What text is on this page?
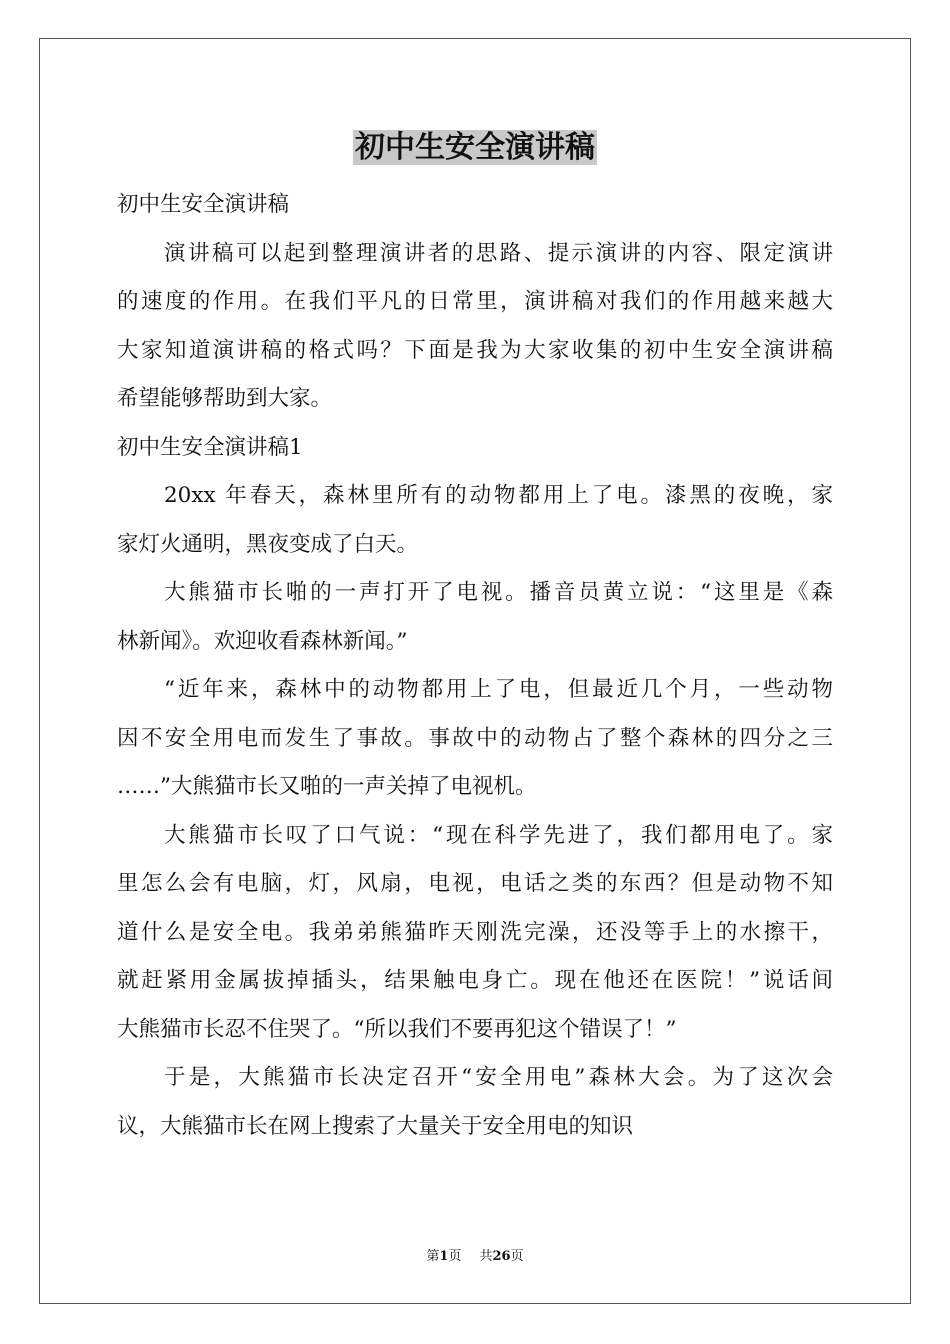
初中生安全演讲稿
初中生安全演讲稿
演讲稿可以起到整理演讲者的思路、提示演讲的内容、限定演讲
的速度的作用。在我们平凡的日常里，演讲稿对我们的作用越来越大
大家知道演讲稿的格式吗？下面是我为大家收集的初中生安全演讲稿
希望能够帮助到大家。
初中生安全演讲稿1
20xx 年春天，森林里所有的动物都用上了电。漆黑的夜晚，家
家灯火通明，黑夜变成了白天。
大熊猫市长啪的一声打开了电视。播音员黄立说：“这里是《森
林新闻》。欢迎收看森林新闻。”
“近年来，森林中的动物都用上了电，但最近几个月，一些动物
因不安全用电而发生了事故。事故中的动物占了整个森林的四分之三
……”大熊猫市长又啪的一声关掉了电视机。
大熊猫市长叹了口气说：“现在科学先进了，我们都用电了。家
里怎么会有电脑，灯，风扇，电视，电话之类的东西？但是动物不知
道什么是安全电。我弟弟熊猫昨天刚洗完澡，还没等手上的水擦干，
就赶紧用金属拔掉插头，结果触电身亡。现在他还在医院！”说话间
大熊猫市长忍不住哭了。“所以我们不要再犯这个错误了！”
于是，大熊猫市长决定召开“安全用电”森林大会。为了这次会
议，大熊猫市长在网上搜索了大量关于安全用电的知识
第1页 共26页
